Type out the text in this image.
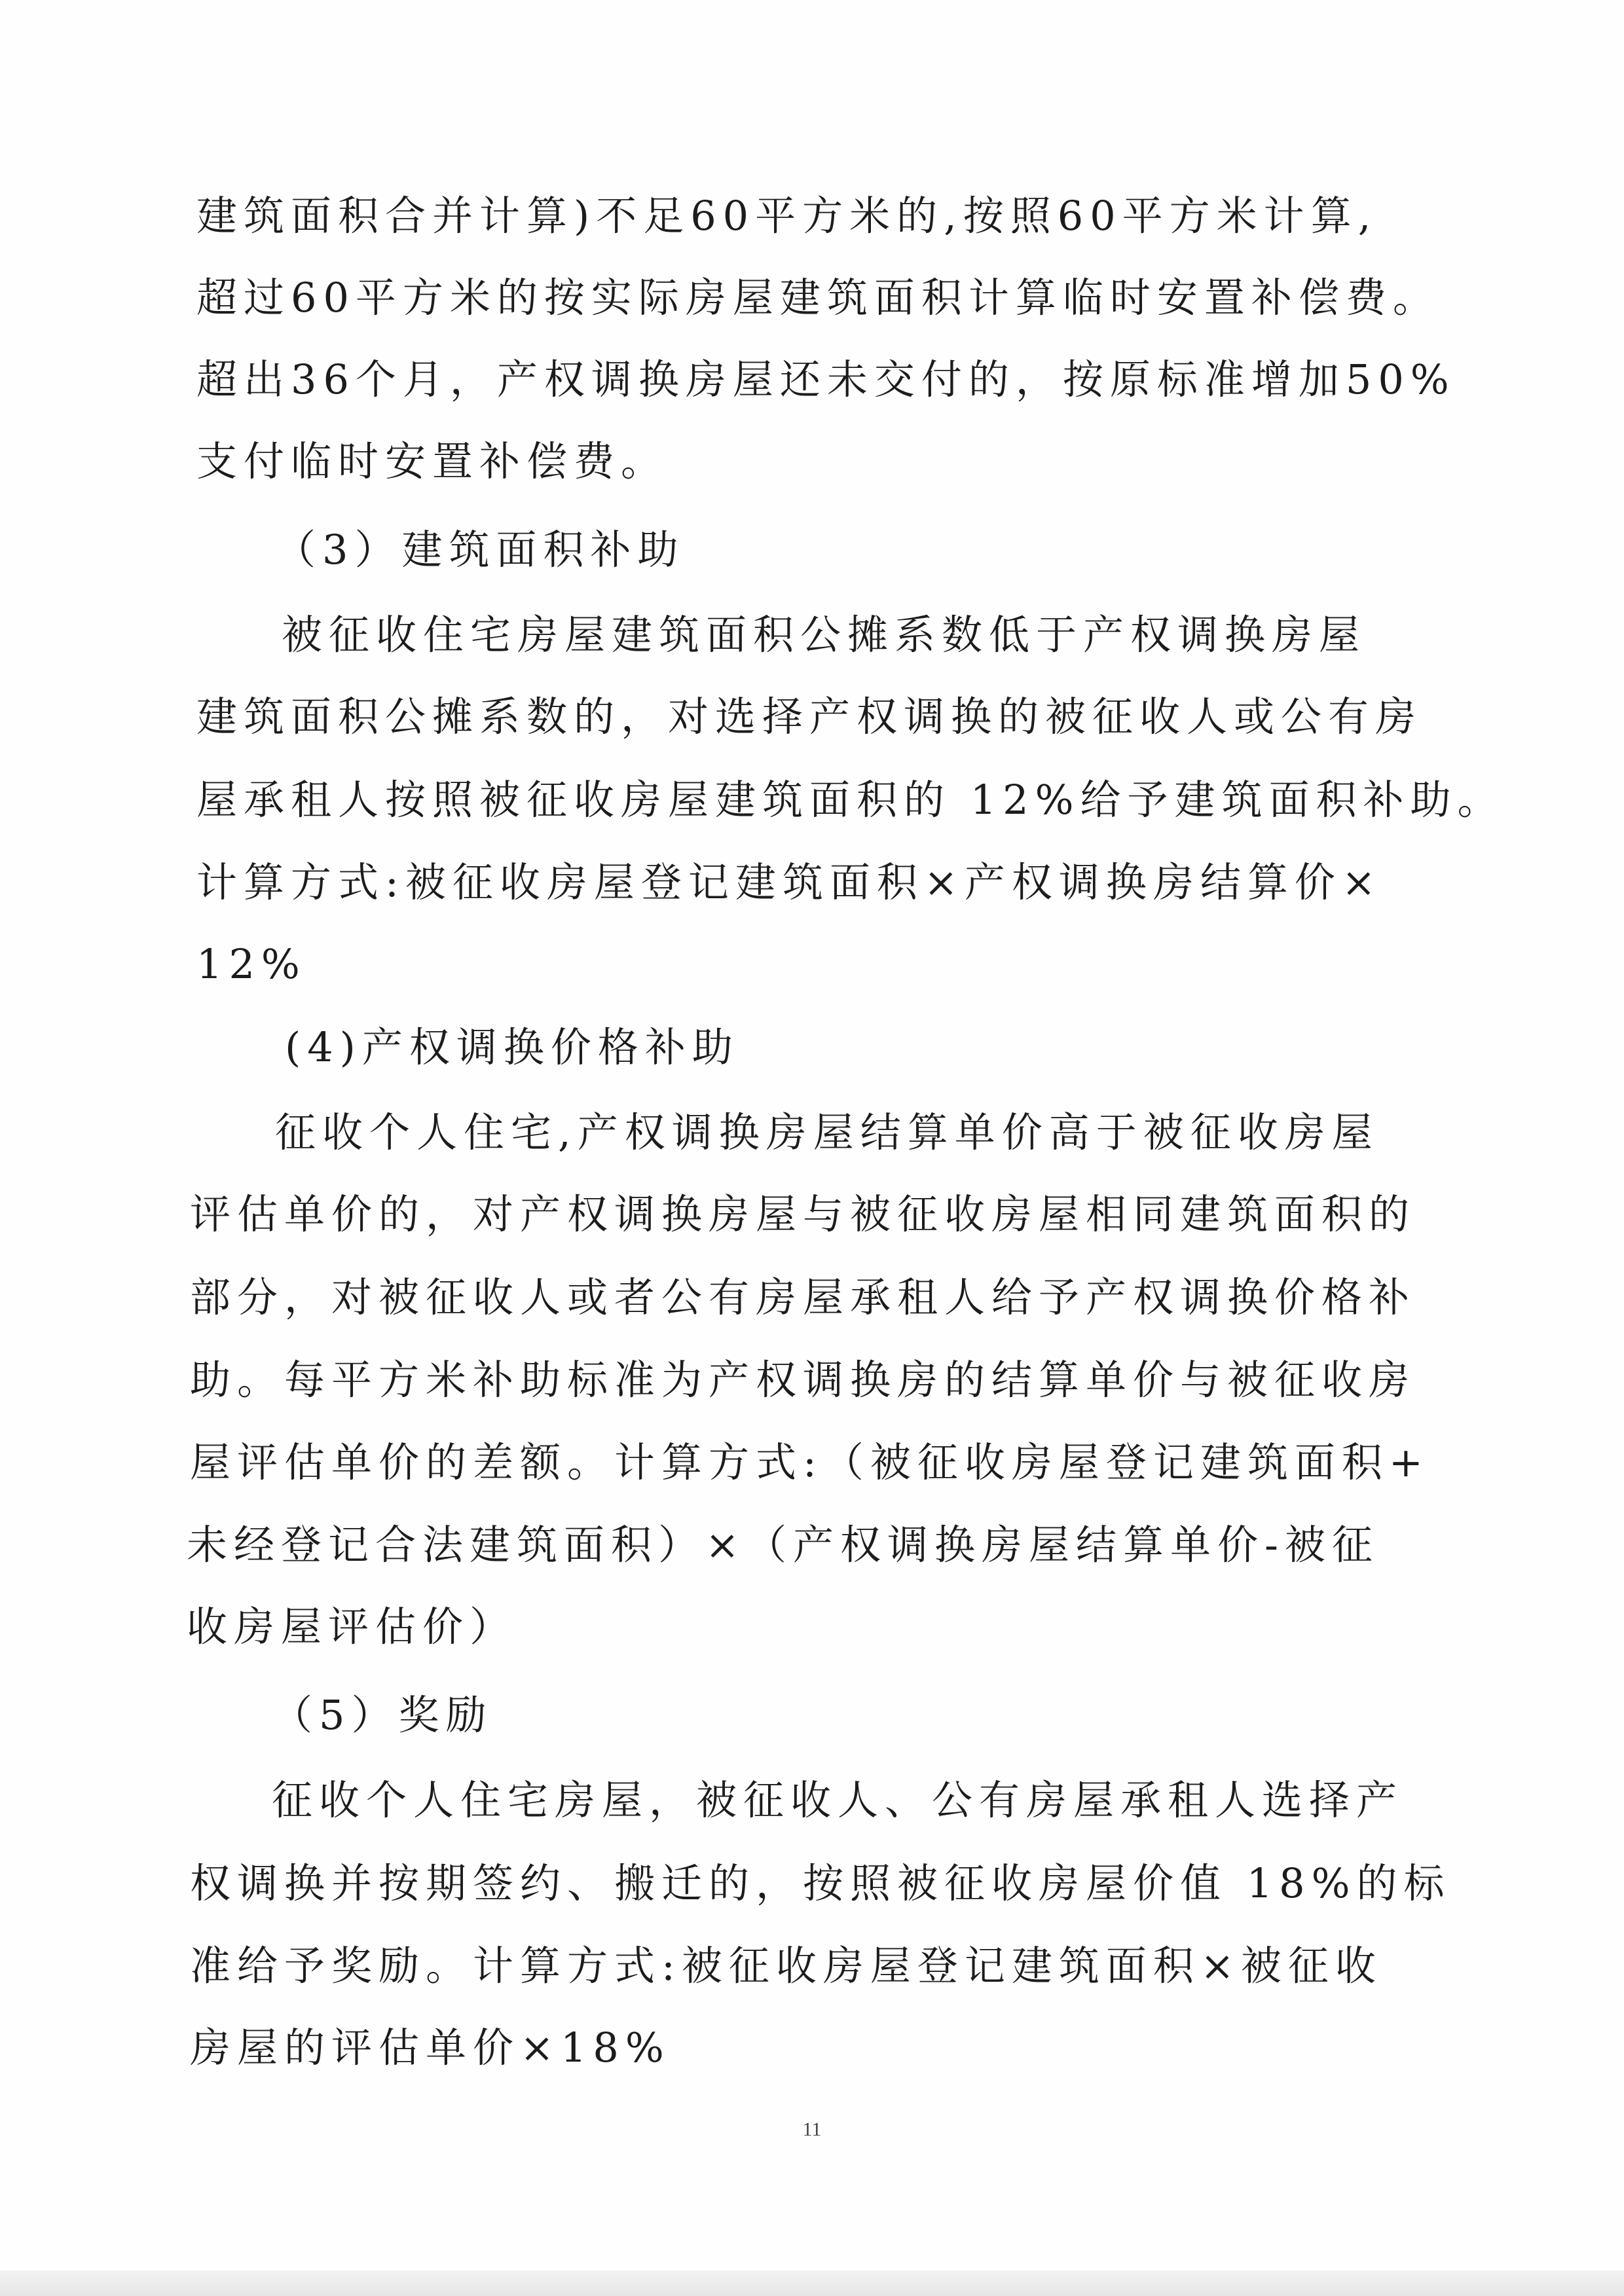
建筑面积合并计算)不足60平方米的,按照60平方米计算,
超过60平方米的按实际房屋建筑面积计算临时安置补偿费。
超出36个月，产权调换房屋还未交付的，按原标准增加50%
支付临时安置补偿费。
（3）建筑面积补助
被征收住宅房屋建筑面积公摊系数低于产权调换房屋
建筑面积公摊系数的，对选择产权调换的被征收人或公有房
屋承租人按照被征收房屋建筑面积的 12%给予建筑面积补助。
计算方式:被征收房屋登记建筑面积×产权调换房结算价×
12%
(4)产权调换价格补助
征收个人住宅,产权调换房屋结算单价高于被征收房屋
评估单价的，对产权调换房屋与被征收房屋相同建筑面积的
部分，对被征收人或者公有房屋承租人给予产权调换价格补
助。每平方米补助标准为产权调换房的结算单价与被征收房
屋评估单价的差额。计算方式:（被征收房屋登记建筑面积+
未经登记合法建筑面积）×（产权调换房屋结算单价-被征
收房屋评估价）
（5）奖励
征收个人住宅房屋，被征收人、公有房屋承租人选择产
权调换并按期签约、搬迁的，按照被征收房屋价值 18%的标
准给予奖励。计算方式:被征收房屋登记建筑面积×被征收
房屋的评估单价×18%
11
